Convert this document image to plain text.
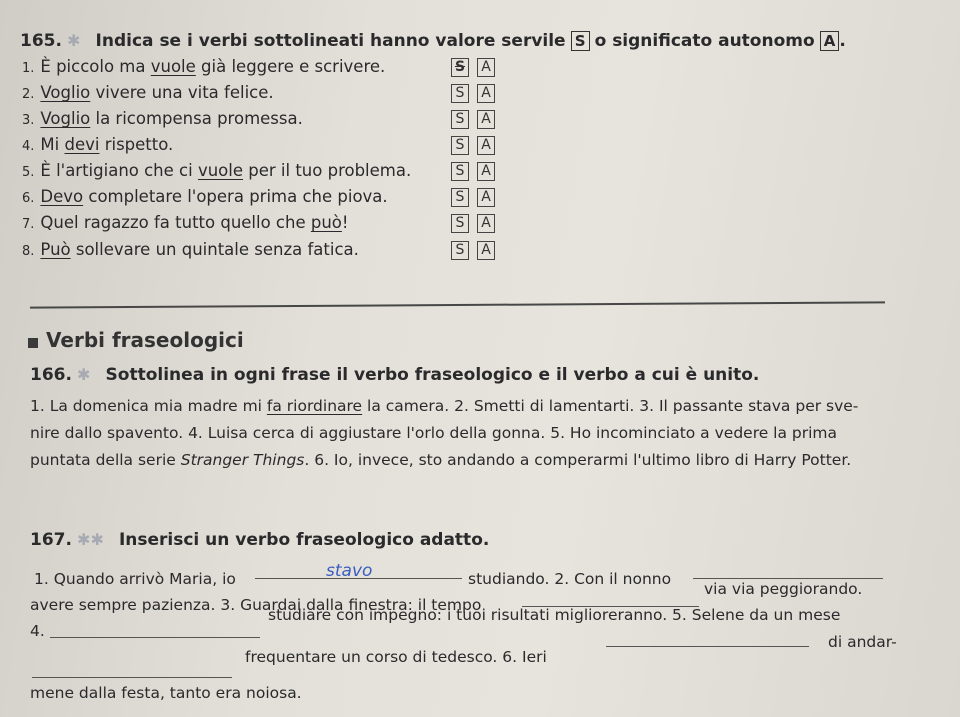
165. ✱ Indica se i verbi sottolineati hanno valore servile S o significato autonomo A .
1. È piccolo ma vuole già leggere e scrivere.	S	A
2. Voglio vivere una vita felice.	S	A
3. Voglio la ricompensa promessa.	S	A
4. Mi devi rispetto.	S	A
5. È l'artigiano che ci vuole per il tuo problema.	S	A
6. Devo completare l'opera prima che piova.	S	A
7. Quel ragazzo fa tutto quello che può!	S	A
8. Può sollevare un quintale senza fatica.	S	A
Verbi fraseologici
166. ✱ Sottolinea in ogni frase il verbo fraseologico e il verbo a cui è unito.
1. La domenica mia madre mi fa riordinare la camera. 2. Smetti di lamentarti. 3. Il passante stava per sve-
nire dallo spavento. 4. Luisa cerca di aggiustare l'orlo della gonna. 5. Ho incominciato a vedere la prima
puntata della serie Stranger Things. 6. Io, invece, sto andando a comperarmi l'ultimo libro di Harry Potter.
167. ✱✱ Inserisci un verbo fraseologico adatto.
1. Quando arrivò Maria, io	stavo	studiando. 2. Con il nonno
avere sempre pazienza. 3. Guardai dalla finestra: il tempo
via via peggiorando.
4.
studiare con impegno: i tuoi risultati miglioreranno. 5. Selene da un mese
di andar-
frequentare un corso di tedesco. 6. Ieri
mene dalla festa, tanto era noiosa.
